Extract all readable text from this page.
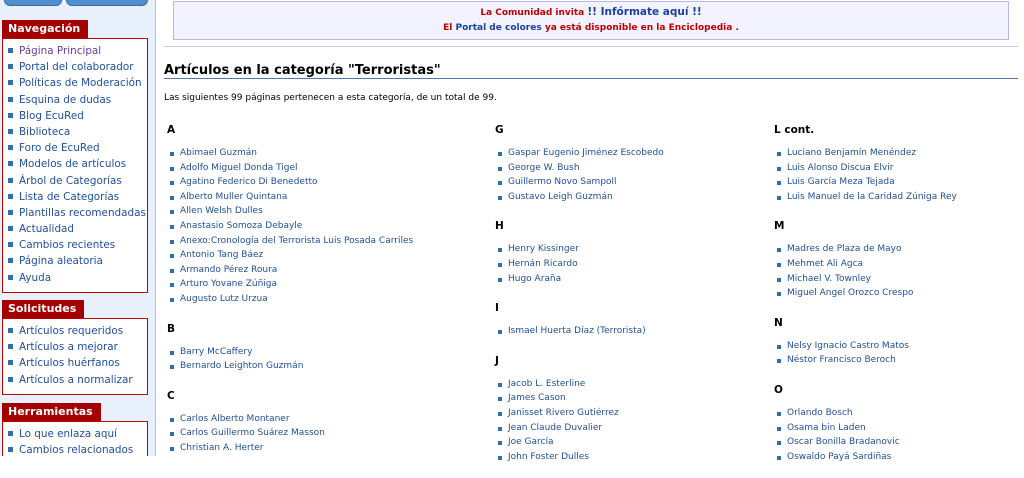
Navegación
Página Principal
Portal del colaborador
Políticas de Moderación
Esquina de dudas
Blog EcuRed
Biblioteca
Foro de EcuRed
Modelos de artículos
Árbol de Categorías
Lista de Categorías
Plantillas recomendadas
Actualidad
Cambios recientes
Página aleatoria
Ayuda
Solicitudes
Artículos requeridos
Artículos a mejorar
Artículos huérfanos
Artículos a normalizar
Herramientas
Lo que enlaza aquí
Cambios relacionados
La Comunidad invita !! Infórmate aquí !!
El Portal de colores ya está disponible en la Enciclopedia .
Artículos en la categoría "Terroristas"
Las siguientes 99 páginas pertenecen a esta categoría, de un total de 99.
A
Abimael Guzmán
Adolfo Miguel Donda Tigel
Agatino Federico Di Benedetto
Alberto Muller Quintana
Allen Welsh Dulles
Anastasio Somoza Debayle
Anexo:Cronología del Terrorista Luis Posada Carriles
Antonio Tang Báez
Armando Pérez Roura
Arturo Yovane Zúñiga
Augusto Lutz Urzua
B
Barry McCaffery
Bernardo Leighton Guzmán
C
Carlos Alberto Montaner
Carlos Guillermo Suárez Masson
Christian A. Herter
G
Gaspar Eugenio Jiménez Escobedo
George W. Bush
Guillermo Novo Sampoll
Gustavo Leigh Guzmán
H
Henry Kissinger
Hernán Ricardo
Hugo Araña
I
Ismael Huerta Díaz (Terrorista)
J
Jacob L. Esterline
James Cason
Janisset Rivero Gutiérrez
Jean Claude Duvalier
Joe García
John Foster Dulles
L cont.
Luciano Benjamín Menéndez
Luis Alonso Discua Elvir
Luis García Meza Tejada
Luis Manuel de la Caridad Zúniga Rey
M
Madres de Plaza de Mayo
Mehmet Ali Agca
Michael V. Townley
Miguel Angel Orozco Crespo
N
Nelsy Ignacio Castro Matos
Néstor Francisco Beroch
O
Orlando Bosch
Osama bin Laden
Oscar Bonilla Bradanovic
Oswaldo Payá Sardiñas
